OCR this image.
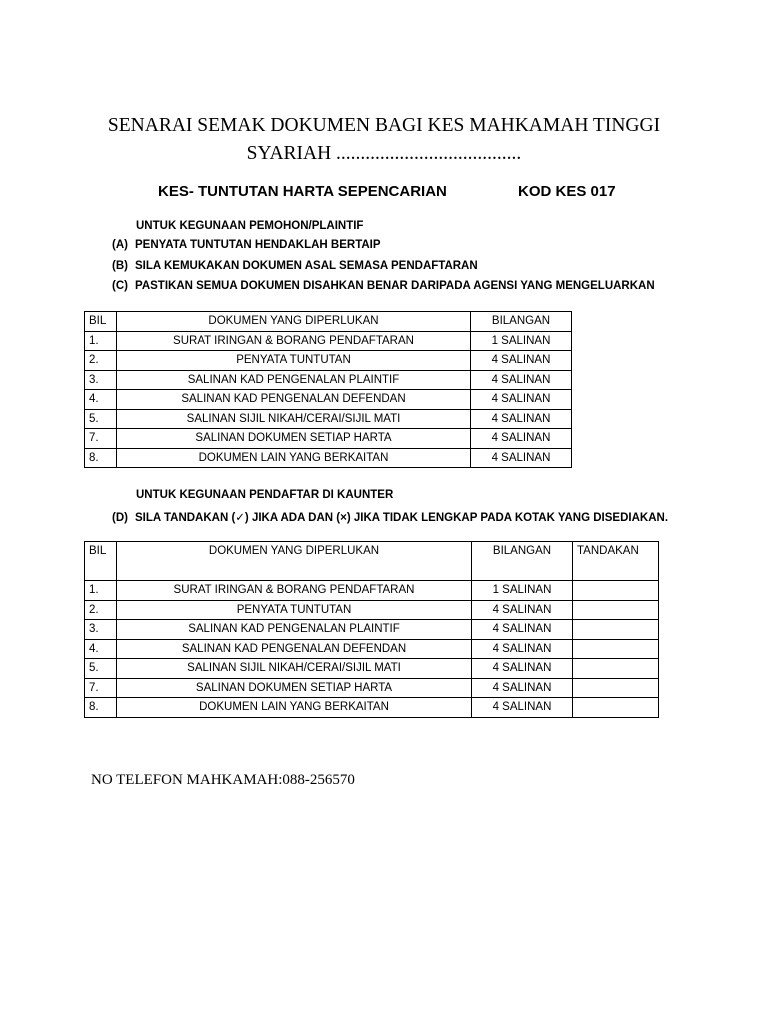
SENARAI SEMAK DOKUMEN BAGI KES MAHKAMAH TINGGI
SYARIAH ......................................
KES- TUNTUTAN HARTA SEPENCARIAN	KOD KES 017
UNTUK KEGUNAAN PEMOHON/PLAINTIF
(A) PENYATA TUNTUTAN HENDAKLAH BERTAIP
(B) SILA KEMUKAKAN DOKUMEN ASAL SEMASA PENDAFTARAN
(C) PASTIKAN SEMUA DOKUMEN DISAHKAN BENAR DARIPADA AGENSI YANG MENGELUARKAN
BIL	DOKUMEN YANG DIPERLUKAN	BILANGAN
1.	SURAT IRINGAN & BORANG PENDAFTARAN	1 SALINAN
2.	PENYATA TUNTUTAN	4 SALINAN
3.	SALINAN KAD PENGENALAN PLAINTIF	4 SALINAN
4.	SALINAN KAD PENGENALAN DEFENDAN	4 SALINAN
5.	SALINAN SIJIL NIKAH/CERAI/SIJIL MATI	4 SALINAN
7.	SALINAN DOKUMEN SETIAP HARTA	4 SALINAN
8.	DOKUMEN LAIN YANG BERKAITAN	4 SALINAN
UNTUK KEGUNAAN PENDAFTAR DI KAUNTER
(D) SILA TANDAKAN (✓) JIKA ADA DAN (×) JIKA TIDAK LENGKAP PADA KOTAK YANG DISEDIAKAN.
BIL	DOKUMEN YANG DIPERLUKAN	BILANGAN	TANDAKAN
1.	SURAT IRINGAN & BORANG PENDAFTARAN	1 SALINAN	
2.	PENYATA TUNTUTAN	4 SALINAN	
3.	SALINAN KAD PENGENALAN PLAINTIF	4 SALINAN	
4.	SALINAN KAD PENGENALAN DEFENDAN	4 SALINAN	
5.	SALINAN SIJIL NIKAH/CERAI/SIJIL MATI	4 SALINAN	
7.	SALINAN DOKUMEN SETIAP HARTA	4 SALINAN	
8.	DOKUMEN LAIN YANG BERKAITAN	4 SALINAN	
NO TELEFON MAHKAMAH:088-256570
